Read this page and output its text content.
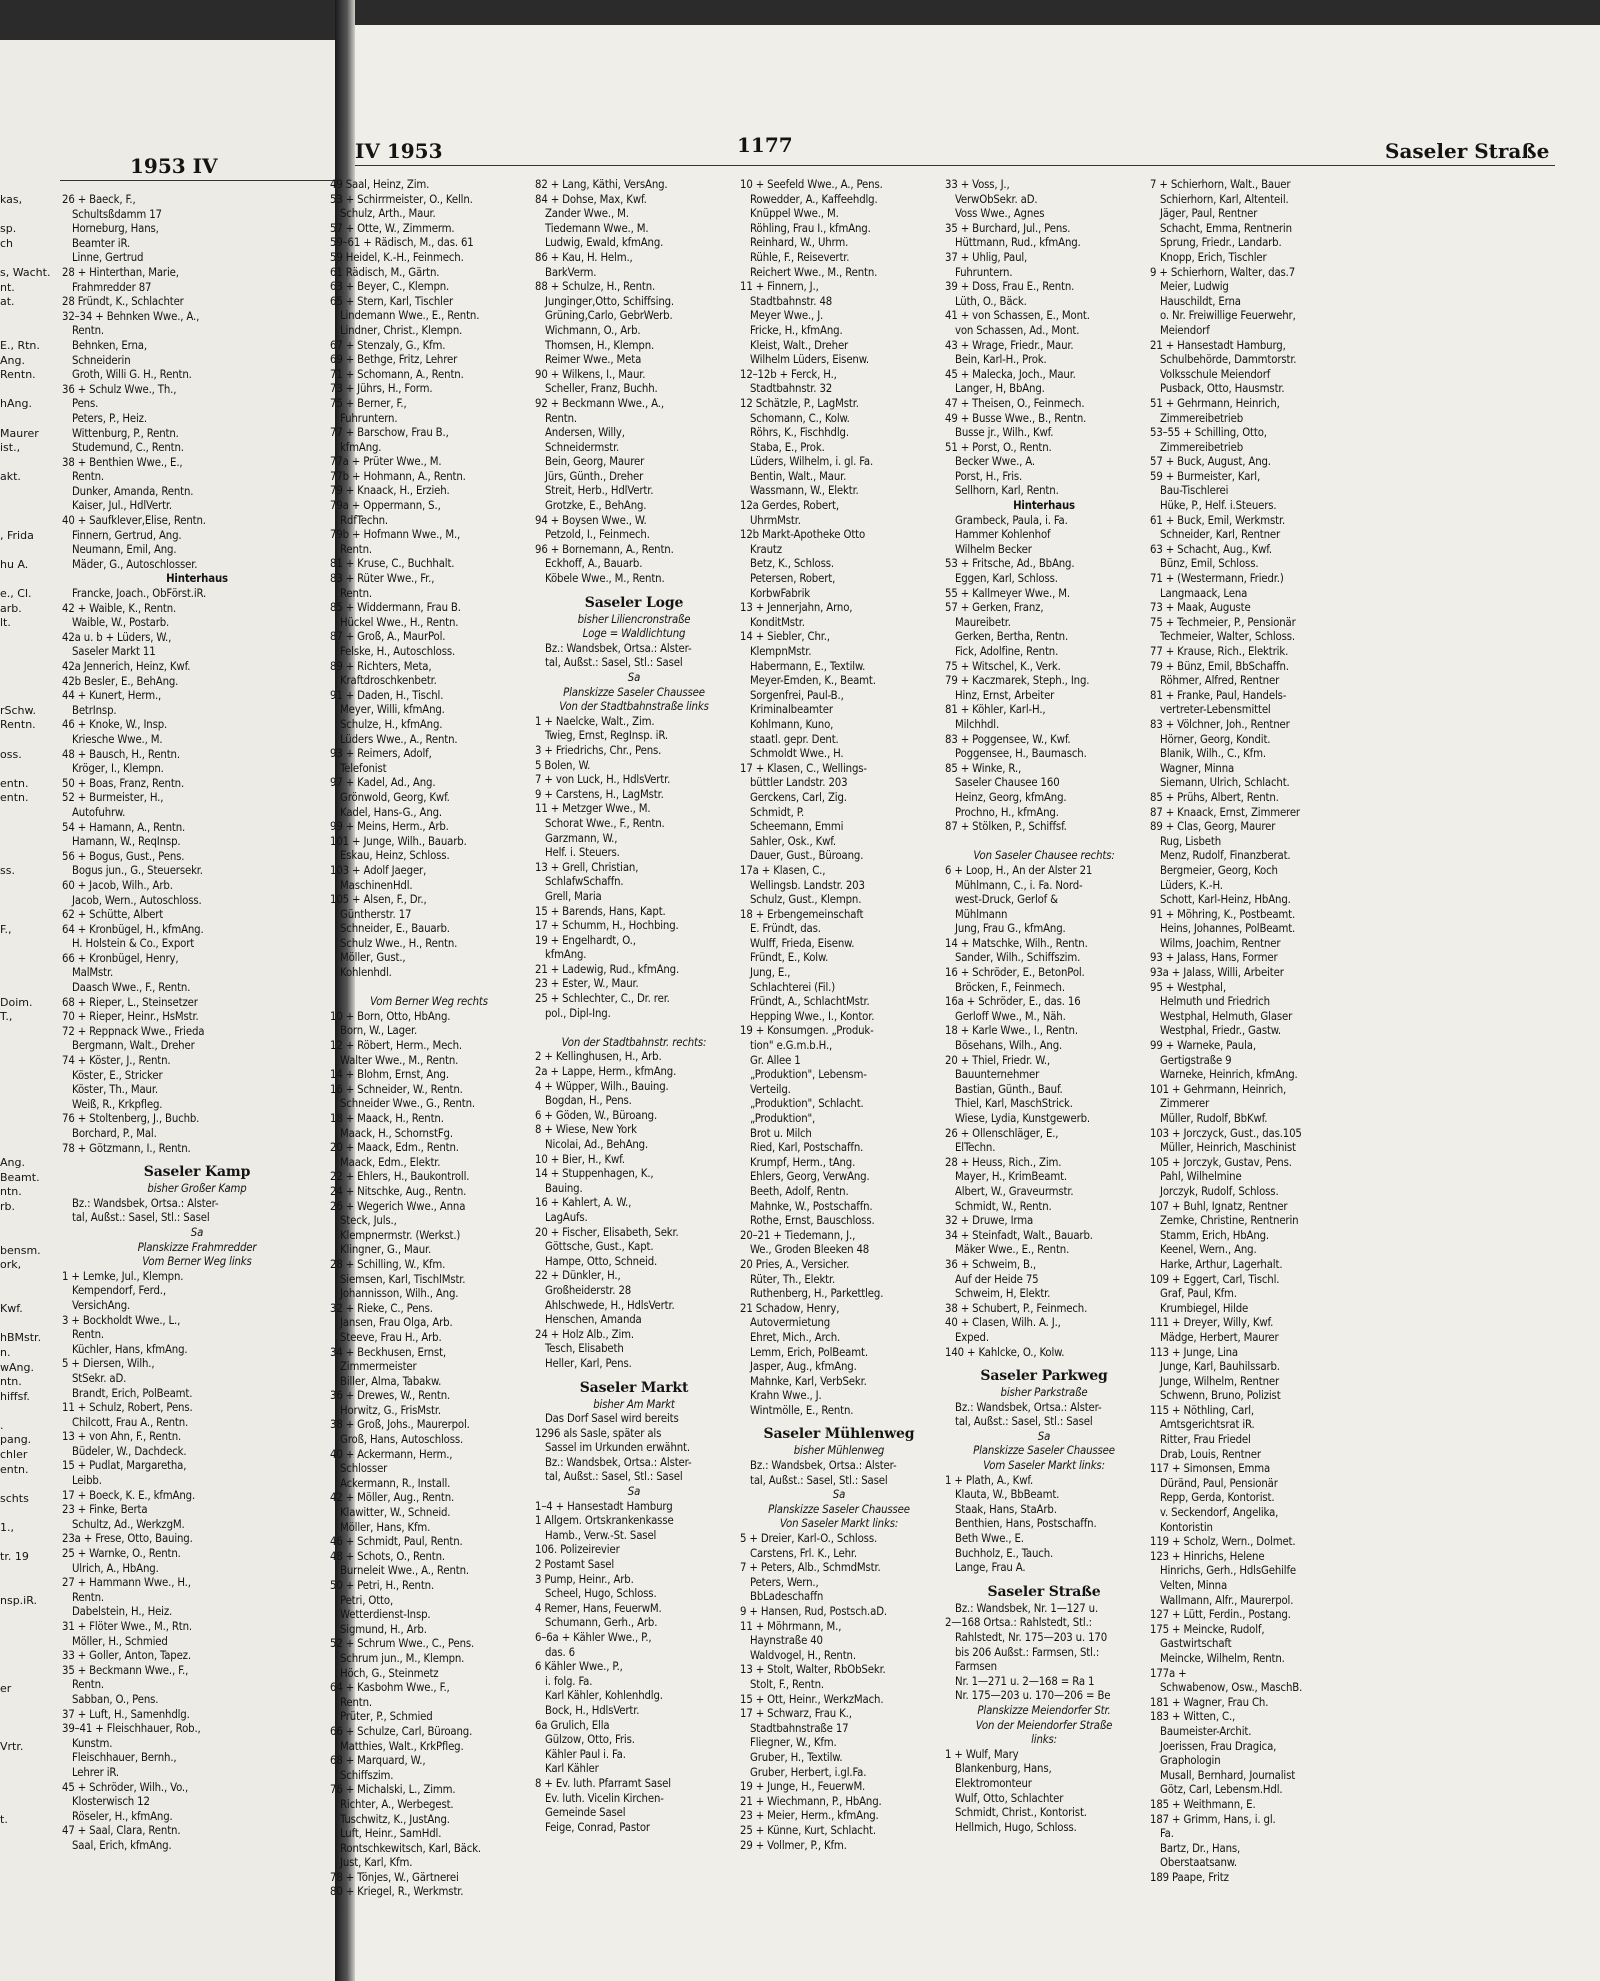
1953 IV
kas,

sp.
ch

s, Wacht.
nt.
at.

E., Rtn.
Ang.
Rentn.

hAng.

Maurer
ist.,

akt.

, Frida

hu A.

e., Cl.
arb.
lt.

rSchw.
Rentn.

oss.

entn.
entn.

ss.

F.,

Doim.
T.,

Ang.
Beamt.
ntn.
rb.

bensm.
ork,

Kwf.

hBMstr.
n.
wAng.
ntn.
hiffsf.

.
pang.
chler
entn.

schts

1.,

tr. 19

nsp.iR.

er

Vrtr.

t.

26 + Baeck, F.,
Schultsßdamm 17
Horneburg, Hans,
Beamter iR.
Linne, Gertrud
28 + Hinterthan, Marie,
Frahmredder 87
28 Fründt, K., Schlachter
32–34 + Behnken Wwe., A.,
Rentn.
Behnken, Erna,
Schneiderin
Groth, Willi G. H., Rentn.
36 + Schulz Wwe., Th.,
Pens.
Peters, P., Heiz.
Wittenburg, P., Rentn.
Studemund, C., Rentn.
38 + Benthien Wwe., E.,
Rentn.
Dunker, Amanda, Rentn.
Kaiser, Jul., HdlVertr.
40 + Saufklever,Elise, Rentn.
Finnern, Gertrud, Ang.
Neumann, Emil, Ang.
Mäder, G., Autoschlosser.
Hinterhaus
Francke, Joach., ObFörst.iR.
42 + Waible, K., Rentn.
Waible, W., Postarb.
42a u. b + Lüders, W.,
Saseler Markt 11
42a Jennerich, Heinz, Kwf.
42b Besler, E., BehAng.
44 + Kunert, Herm.,
BetrInsp.
46 + Knoke, W., Insp.
Kriesche Wwe., M.
48 + Bausch, H., Rentn.
Kröger, I., Klempn.
50 + Boas, Franz, Rentn.
52 + Burmeister, H.,
Autofuhrw.
54 + Hamann, A., Rentn.
Hamann, W., ReqInsp.
56 + Bogus, Gust., Pens.
Bogus jun., G., Steuersekr.
60 + Jacob, Wilh., Arb.
Jacob, Wern., Autoschloss.
62 + Schütte, Albert
64 + Kronbügel, H., kfmAng.
H. Holstein & Co., Export
66 + Kronbügel, Henry,
MalMstr.
Daasch Wwe., F., Rentn.
68 + Rieper, L., Steinsetzer
70 + Rieper, Heinr., HsMstr.
72 + Reppnack Wwe., Frieda
Bergmann, Walt., Dreher
74 + Köster, J., Rentn.
Köster, E., Stricker
Köster, Th., Maur.
Weiß, R., Krkpfleg.
76 + Stoltenberg, J., Buchb.
Borchard, P., Mal.
78 + Götzmann, I., Rentn.
Saseler Kamp
bisher Großer Kamp
Bz.: Wandsbek, Ortsa.: Alster-
tal, Außst.: Sasel, Stl.: Sasel
Sa
Planskizze Frahmredder
Vom Berner Weg links
1 + Lemke, Jul., Klempn.
Kempendorf, Ferd.,
VersichAng.
3 + Bockholdt Wwe., L.,
Rentn.
Küchler, Hans, kfmAng.
5 + Diersen, Wilh.,
StSekr. aD.
Brandt, Erich, PolBeamt.
11 + Schulz, Robert, Pens.
Chilcott, Frau A., Rentn.
13 + von Ahn, F., Rentn.
Büdeler, W., Dachdeck.
15 + Pudlat, Margaretha,
Leibb.
17 + Boeck, K. E., kfmAng.
23 + Finke, Berta
Schultz, Ad., WerkzgM.
23a + Frese, Otto, Bauing.
25 + Warnke, O., Rentn.
Ulrich, A., HbAng.
27 + Hammann Wwe., H.,
Rentn.
Dabelstein, H., Heiz.
31 + Flöter Wwe., M., Rtn.
Möller, H., Schmied
33 + Goller, Anton, Tapez.
35 + Beckmann Wwe., F.,
Rentn.
Sabban, O., Pens.
37 + Luft, H., Samenhdlg.
39–41 + Fleischhauer, Rob.,
Kunstm.
Fleischhauer, Bernh.,
Lehrer iR.
45 + Schröder, Wilh., Vo.,
Klosterwisch 12
Röseler, H., kfmAng.
47 + Saal, Clara, Rentn.
Saal, Erich, kfmAng.
IV 1953	1177	Saseler Straße
49 Saal, Heinz, Zim.
53 + Schirrmeister, O., Kelln.
Schulz, Arth., Maur.
57 + Otte, W., Zimmerm.
59–61 + Rädisch, M., das. 61
59 Heidel, K.-H., Feinmech.
61 Rädisch, M., Gärtn.
63 + Beyer, C., Klempn.
65 + Stern, Karl, Tischler
Lindemann Wwe., E., Rentn.
Lindner, Christ., Klempn.
67 + Stenzaly, G., Kfm.
69 + Bethge, Fritz, Lehrer
71 + Schomann, A., Rentn.
73 + Jührs, H., Form.
75 + Berner, F.,
Fuhruntern.
77 + Barschow, Frau B.,
kfmAng.
77a + Prüter Wwe., M.
77b + Hohmann, A., Rentn.
79 + Knaack, H., Erzieh.
79a + Oppermann, S.,
RdfTechn.
79b + Hofmann Wwe., M.,
Rentn.
81 + Kruse, C., Buchhalt.
83 + Rüter Wwe., Fr.,
Rentn.
85 + Widdermann, Frau B.
Hückel Wwe., H., Rentn.
87 + Groß, A., MaurPol.
Felske, H., Autoschloss.
89 + Richters, Meta,
Kraftdroschkenbetr.
91 + Daden, H., Tischl.
Meyer, Willi, kfmAng.
Schulze, H., kfmAng.
Lüders Wwe., A., Rentn.
93 + Reimers, Adolf,
Telefonist
97 + Kadel, Ad., Ang.
Grönwold, Georg, Kwf.
Kadel, Hans-G., Ang.
99 + Meins, Herm., Arb.
101 + Junge, Wilh., Bauarb.
Eskau, Heinz, Schloss.
103 + Adolf Jaeger,
MaschinenHdl.
105 + Alsen, F., Dr.,
Güntherstr. 17
Schneider, E., Bauarb.
Schulz Wwe., H., Rentn.
Möller, Gust.,
Kohlenhdl.

Vom Berner Weg rechts
10 + Born, Otto, HbAng.
Born, W., Lager.
12 + Röbert, Herm., Mech.
Walter Wwe., M., Rentn.
14 + Blohm, Ernst, Ang.
16 + Schneider, W., Rentn.
Schneider Wwe., G., Rentn.
18 + Maack, H., Rentn.
Maack, H., SchornstFg.
20 + Maack, Edm., Rentn.
Maack, Edm., Elektr.
22 + Ehlers, H., Baukontroll.
24 + Nitschke, Aug., Rentn.
26 + Wegerich Wwe., Anna
Steck, Juls.,
Klempnermstr. (Werkst.)
Klingner, G., Maur.
28 + Schilling, W., Kfm.
Siemsen, Karl, TischlMstr.
Johannisson, Wilh., Ang.
32 + Rieke, C., Pens.
Jansen, Frau Olga, Arb.
Steeve, Frau H., Arb.
34 + Beckhusen, Ernst,
Zimmermeister
Biller, Alma, Tabakw.
36 + Drewes, W., Rentn.
Horwitz, G., FrisMstr.
38 + Groß, Johs., Maurerpol.
Groß, Hans, Autoschloss.
40 + Ackermann, Herm.,
Schlosser
Ackermann, R., Install.
42 + Möller, Aug., Rentn.
Klawitter, W., Schneid.
Möller, Hans, Kfm.
46 + Schmidt, Paul, Rentn.
48 + Schots, O., Rentn.
Burneleit Wwe., A., Rentn.
50 + Petri, H., Rentn.
Petri, Otto,
Wetterdienst-Insp.
Sigmund, H., Arb.
52 + Schrum Wwe., C., Pens.
Schrum jun., M., Klempn.
Höch, G., Steinmetz
64 + Kasbohm Wwe., F.,
Rentn.
Prüter, P., Schmied
66 + Schulze, Carl, Büroang.
Matthies, Walt., KrkPfleg.
68 + Marquard, W.,
Schiffszim.
76 + Michalski, L., Zimm.
Richter, A., Werbegest.
Tuschwitz, K., JustAng.
Luft, Heinr., SamHdl.
Rontschkewitsch, Karl, Bäck.
Just, Karl, Kfm.
78 + Tönjes, W., Gärtnerei
80 + Kriegel, R., Werkmstr.
82 + Lang, Käthi, VersAng.
84 + Dohse, Max, Kwf.
Zander Wwe., M.
Tiedemann Wwe., M.
Ludwig, Ewald, kfmAng.
86 + Kau, H. Helm.,
BarkVerm.
88 + Schulze, H., Rentn.
Junginger,Otto, Schiffsing.
Grüning,Carlo, GebrWerb.
Wichmann, O., Arb.
Thomsen, H., Klempn.
Reimer Wwe., Meta
90 + Wilkens, I., Maur.
Scheller, Franz, Buchh.
92 + Beckmann Wwe., A.,
Rentn.
Andersen, Willy,
Schneidermstr.
Bein, Georg, Maurer
Jürs, Günth., Dreher
Streit, Herb., HdlVertr.
Grotzke, E., BehAng.
94 + Boysen Wwe., W.
Petzold, I., Feinmech.
96 + Bornemann, A., Rentn.
Eckhoff, A., Bauarb.
Köbele Wwe., M., Rentn.
Saseler Loge
bisher Liliencronstraße
Loge = Waldlichtung
Bz.: Wandsbek, Ortsa.: Alster-
tal, Außst.: Sasel, Stl.: Sasel
Sa
Planskizze Saseler Chaussee
Von der Stadtbahnstraße links
1 + Naelcke, Walt., Zim.
Twieg, Ernst, RegInsp. iR.
3 + Friedrichs, Chr., Pens.
5 Bolen, W.
7 + von Luck, H., HdlsVertr.
9 + Carstens, H., LagMstr.
11 + Metzger Wwe., M.
Schorat Wwe., F., Rentn.
Garzmann, W.,
Helf. i. Steuers.
13 + Grell, Christian,
SchlafwSchaffn.
Grell, Maria
15 + Barends, Hans, Kapt.
17 + Schumm, H., Hochbing.
19 + Engelhardt, O.,
kfmAng.
21 + Ladewig, Rud., kfmAng.
23 + Ester, W., Maur.
25 + Schlechter, C., Dr. rer.
pol., Dipl-Ing.

Von der Stadtbahnstr. rechts:
2 + Kellinghusen, H., Arb.
2a + Lappe, Herm., kfmAng.
4 + Wüpper, Wilh., Bauing.
Bogdan, H., Pens.
6 + Göden, W., Büroang.
8 + Wiese, New York
Nicolai, Ad., BehAng.
10 + Bier, H., Kwf.
14 + Stuppenhagen, K.,
Bauing.
16 + Kahlert, A. W.,
LagAufs.
20 + Fischer, Elisabeth, Sekr.
Göttsche, Gust., Kapt.
Hampe, Otto, Schneid.
22 + Dünkler, H.,
Großheiderstr. 28
Ahlschwede, H., HdlsVertr.
Henschen, Amanda
24 + Holz Alb., Zim.
Tesch, Elisabeth
Heller, Karl, Pens.
Saseler Markt
bisher Am Markt
Das Dorf Sasel wird bereits
1296 als Sasle, später als
Sassel im Urkunden erwähnt.
Bz.: Wandsbek, Ortsa.: Alster-
tal, Außst.: Sasel, Stl.: Sasel
Sa
1–4 + Hansestadt Hamburg
1 Allgem. Ortskrankenkasse
Hamb., Verw.-St. Sasel
106. Polizeirevier
2 Postamt Sasel
3 Pump, Heinr., Arb.
Scheel, Hugo, Schloss.
4 Remer, Hans, FeuerwM.
Schumann, Gerh., Arb.
6–6a + Kähler Wwe., P.,
das. 6
6 Kähler Wwe., P.,
i. folg. Fa.
Karl Kähler, Kohlenhdlg.
Bock, H., HdlsVertr.
6a Grulich, Ella
Gülzow, Otto, Fris.
Kähler Paul i. Fa.
Karl Kähler
8 + Ev. luth. Pfarramt Sasel
Ev. luth. Vicelin Kirchen-
Gemeinde Sasel
Feige, Conrad, Pastor
10 + Seefeld Wwe., A., Pens.
Rowedder, A., Kaffeehdlg.
Knüppel Wwe., M.
Röhling, Frau I., kfmAng.
Reinhard, W., Uhrm.
Rühle, F., Reisevertr.
Reichert Wwe., M., Rentn.
11 + Finnern, J.,
Stadtbahnstr. 48
Meyer Wwe., J.
Fricke, H., kfmAng.
Kleist, Walt., Dreher
Wilhelm Lüders, Eisenw.
12–12b + Ferck, H.,
Stadtbahnstr. 32
12 Schätzle, P., LagMstr.
Schomann, C., Kolw.
Röhrs, K., Fischhdlg.
Staba, E., Prok.
Lüders, Wilhelm, i. gl. Fa.
Bentin, Walt., Maur.
Wassmann, W., Elektr.
12a Gerdes, Robert,
UhrmMstr.
12b Markt-Apotheke Otto
Krautz
Betz, K., Schloss.
Petersen, Robert,
KorbwFabrik
13 + Jennerjahn, Arno,
KonditMstr.
14 + Siebler, Chr.,
KlempnMstr.
Habermann, E., Textilw.
Meyer-Emden, K., Beamt.
Sorgenfrei, Paul-B.,
Kriminalbeamter
Kohlmann, Kuno,
staatl. gepr. Dent.
Schmoldt Wwe., H.
17 + Klasen, C., Wellings-
büttler Landstr. 203
Gerckens, Carl, Zig.
Schmidt, P.
Scheemann, Emmi
Sahler, Osk., Kwf.
Dauer, Gust., Büroang.
17a + Klasen, C.,
Wellingsb. Landstr. 203
Schulz, Gust., Klempn.
18 + Erbengemeinschaft
E. Fründt, das.
Wulff, Frieda, Eisenw.
Fründt, E., Kolw.
Jung, E.,
Schlachterei (Fil.)
Fründt, A., SchlachtMstr.
Hepping Wwe., I., Kontor.
19 + Konsumgen. „Produk-
tion" e.G.m.b.H.,
Gr. Allee 1
„Produktion", Lebensm-
Verteilg.
„Produktion", Schlacht.
„Produktion",
Brot u. Milch
Ried, Karl, Postschaffn.
Krumpf, Herm., tAng.
Ehlers, Georg, VerwAng.
Beeth, Adolf, Rentn.
Mahnke, W., Postschaffn.
Rothe, Ernst, Bauschloss.
20–21 + Tiedemann, J.,
We., Groden Bleeken 48
20 Pries, A., Versicher.
Rüter, Th., Elektr.
Ruthenberg, H., Parkettleg.
21 Schadow, Henry,
Autovermietung
Ehret, Mich., Arch.
Lemm, Erich, PolBeamt.
Jasper, Aug., kfmAng.
Mahnke, Karl, VerbSekr.
Krahn Wwe., J.
Wintmölle, E., Rentn.
Saseler Mühlenweg
bisher Mühlenweg
Bz.: Wandsbek, Ortsa.: Alster-
tal, Außst.: Sasel, Stl.: Sasel
Sa
Planskizze Saseler Chaussee
Von Saseler Markt links:
5 + Dreier, Karl-O., Schloss.
Carstens, Frl. K., Lehr.
7 + Peters, Alb., SchmdMstr.
Peters, Wern.,
BbLadeschaffn
9 + Hansen, Rud, Postsch.aD.
11 + Möhrmann, M.,
Haynstraße 40
Waldvogel, H., Rentn.
13 + Stolt, Walter, RbObSekr.
Stolt, F., Rentn.
15 + Ott, Heinr., WerkzMach.
17 + Schwarz, Frau K.,
Stadtbahnstraße 17
Fliegner, W., Kfm.
Gruber, H., Textilw.
Gruber, Herbert, i.gl.Fa.
19 + Junge, H., FeuerwM.
21 + Wiechmann, P., HbAng.
23 + Meier, Herm., kfmAng.
25 + Künne, Kurt, Schlacht.
29 + Vollmer, P., Kfm.
33 + Voss, J.,
VerwObSekr. aD.
Voss Wwe., Agnes
35 + Burchard, Jul., Pens.
Hüttmann, Rud., kfmAng.
37 + Uhlig, Paul,
Fuhruntern.
39 + Doss, Frau E., Rentn.
Lüth, O., Bäck.
41 + von Schassen, E., Mont.
von Schassen, Ad., Mont.
43 + Wrage, Friedr., Maur.
Bein, Karl-H., Prok.
45 + Malecka, Joch., Maur.
Langer, H, BbAng.
47 + Theisen, O., Feinmech.
49 + Busse Wwe., B., Rentn.
Busse jr., Wilh., Kwf.
51 + Porst, O., Rentn.
Becker Wwe., A.
Porst, H., Fris.
Sellhorn, Karl, Rentn.
Hinterhaus
Grambeck, Paula, i. Fa.
Hammer Kohlenhof
Wilhelm Becker
53 + Fritsche, Ad., BbAng.
Eggen, Karl, Schloss.
55 + Kallmeyer Wwe., M.
57 + Gerken, Franz,
Maureibetr.
Gerken, Bertha, Rentn.
Fick, Adolfine, Rentn.
75 + Witschel, K., Verk.
79 + Kaczmarek, Steph., Ing.
Hinz, Ernst, Arbeiter
81 + Köhler, Karl-H.,
Milchhdl.
83 + Poggensee, W., Kwf.
Poggensee, H., Baumasch.
85 + Winke, R.,
Saseler Chausee 160
Heinz, Georg, kfmAng.
Prochno, H., kfmAng.
87 + Stölken, P., Schiffsf.

Von Saseler Chausee rechts:
6 + Loop, H., An der Alster 21
Mühlmann, C., i. Fa. Nord-
west-Druck, Gerlof &
Mühlmann
Jung, Frau G., kfmAng.
14 + Matschke, Wilh., Rentn.
Sander, Wilh., Schiffszim.
16 + Schröder, E., BetonPol.
Bröcken, F., Feinmech.
16a + Schröder, E., das. 16
Gerloff Wwe., M., Näh.
18 + Karle Wwe., I., Rentn.
Bösehans, Wilh., Ang.
20 + Thiel, Friedr. W.,
Bauunternehmer
Bastian, Günth., Bauf.
Thiel, Karl, MaschStrick.
Wiese, Lydia, Kunstgewerb.
26 + Ollenschläger, E.,
ElTechn.
28 + Heuss, Rich., Zim.
Mayer, H., KrimBeamt.
Albert, W., Graveurmstr.
Schmidt, W., Rentn.
32 + Druwe, Irma
34 + Steinfadt, Walt., Bauarb.
Mäker Wwe., E., Rentn.
36 + Schweim, B.,
Auf der Heide 75
Schweim, H, Elektr.
38 + Schubert, P., Feinmech.
40 + Clasen, Wilh. A. J.,
Exped.
140 + Kahlcke, O., Kolw.
Saseler Parkweg
bisher Parkstraße
Bz.: Wandsbek, Ortsa.: Alster-
tal, Außst.: Sasel, Stl.: Sasel
Sa
Planskizze Saseler Chaussee
Vom Saseler Markt links:
1 + Plath, A., Kwf.
Klauta, W., BbBeamt.
Staak, Hans, StaArb.
Benthien, Hans, Postschaffn.
Beth Wwe., E.
Buchholz, E., Tauch.
Lange, Frau A.
Saseler Straße
Bz.: Wandsbek, Nr. 1—127 u.
2—168 Ortsa.: Rahlstedt, Stl.:
Rahlstedt, Nr. 175—203 u. 170
bis 206 Außst.: Farmsen, Stl.:
Farmsen
Nr. 1—271 u. 2—168 = Ra 1
Nr. 175—203 u. 170—206 = Be
Planskizze Meiendorfer Str.
Von der Meiendorfer Straße
links:
1 + Wulf, Mary
Blankenburg, Hans,
Elektromonteur
Wulf, Otto, Schlachter
Schmidt, Christ., Kontorist.
Hellmich, Hugo, Schloss.
7 + Schierhorn, Walt., Bauer
Schierhorn, Karl, Altenteil.
Jäger, Paul, Rentner
Schacht, Emma, Rentnerin
Sprung, Friedr., Landarb.
Knopp, Erich, Tischler
9 + Schierhorn, Walter, das.7
Meier, Ludwig
Hauschildt, Erna
o. Nr. Freiwillige Feuerwehr,
Meiendorf
21 + Hansestadt Hamburg,
Schulbehörde, Dammtorstr.
Volksschule Meiendorf
Pusback, Otto, Hausmstr.
51 + Gehrmann, Heinrich,
Zimmereibetrieb
53–55 + Schilling, Otto,
Zimmereibetrieb
57 + Buck, August, Ang.
59 + Burmeister, Karl,
Bau-Tischlerei
Hüke, P., Helf. i.Steuers.
61 + Buck, Emil, Werkmstr.
Schneider, Karl, Rentner
63 + Schacht, Aug., Kwf.
Bünz, Emil, Schloss.
71 + (Westermann, Friedr.)
Langmaack, Lena
73 + Maak, Auguste
75 + Techmeier, P., Pensionär
Techmeier, Walter, Schloss.
77 + Krause, Rich., Elektrik.
79 + Bünz, Emil, BbSchaffn.
Röhmer, Alfred, Rentner
81 + Franke, Paul, Handels-
vertreter-Lebensmittel
83 + Völchner, Joh., Rentner
Hörner, Georg, Kondit.
Blanik, Wilh., C., Kfm.
Wagner, Minna
Siemann, Ulrich, Schlacht.
85 + Prühs, Albert, Rentn.
87 + Knaack, Ernst, Zimmerer
89 + Clas, Georg, Maurer
Rug, Lisbeth
Menz, Rudolf, Finanzberat.
Bergmeier, Georg, Koch
Lüders, K.-H.
Schott, Karl-Heinz, HbAng.
91 + Möhring, K., Postbeamt.
Heins, Johannes, PolBeamt.
Wilms, Joachim, Rentner
93 + Jalass, Hans, Former
93a + Jalass, Willi, Arbeiter
95 + Westphal,
Helmuth und Friedrich
Westphal, Helmuth, Glaser
Westphal, Friedr., Gastw.
99 + Warneke, Paula,
Gertigstraße 9
Warneke, Heinrich, kfmAng.
101 + Gehrmann, Heinrich,
Zimmerer
Müller, Rudolf, BbKwf.
103 + Jorczyck, Gust., das.105
Müller, Heinrich, Maschinist
105 + Jorczyk, Gustav, Pens.
Pahl, Wilhelmine
Jorczyk, Rudolf, Schloss.
107 + Buhl, Ignatz, Rentner
Zemke, Christine, Rentnerin
Stamm, Erich, HbAng.
Keenel, Wern., Ang.
Harke, Arthur, Lagerhalt.
109 + Eggert, Carl, Tischl.
Graf, Paul, Kfm.
Krumbiegel, Hilde
111 + Dreyer, Willy, Kwf.
Mädge, Herbert, Maurer
113 + Junge, Lina
Junge, Karl, Bauhilssarb.
Junge, Wilhelm, Rentner
Schwenn, Bruno, Polizist
115 + Nöthling, Carl,
Amtsgerichtsrat iR.
Ritter, Frau Friedel
Drab, Louis, Rentner
117 + Simonsen, Emma
Düränd, Paul, Pensionär
Repp, Gerda, Kontorist.
v. Seckendorf, Angelika,
Kontoristin
119 + Scholz, Wern., Dolmet.
123 + Hinrichs, Helene
Hinrichs, Gerh., HdlsGehilfe
Velten, Minna
Wallmann, Alfr., Maurerpol.
127 + Lütt, Ferdin., Postang.
175 + Meincke, Rudolf,
Gastwirtschaft
Meincke, Wilhelm, Rentn.
177a +
Schwabenow, Osw., MaschB.
181 + Wagner, Frau Ch.
183 + Witten, C.,
Baumeister-Archit.
Joerissen, Frau Dragica,
Graphologin
Musall, Bernhard, Journalist
Götz, Carl, Lebensm.Hdl.
185 + Weithmann, E.
187 + Grimm, Hans, i. gl.
Fa.
Bartz, Dr., Hans,
Oberstaatsanw.
189 Paape, Fritz
